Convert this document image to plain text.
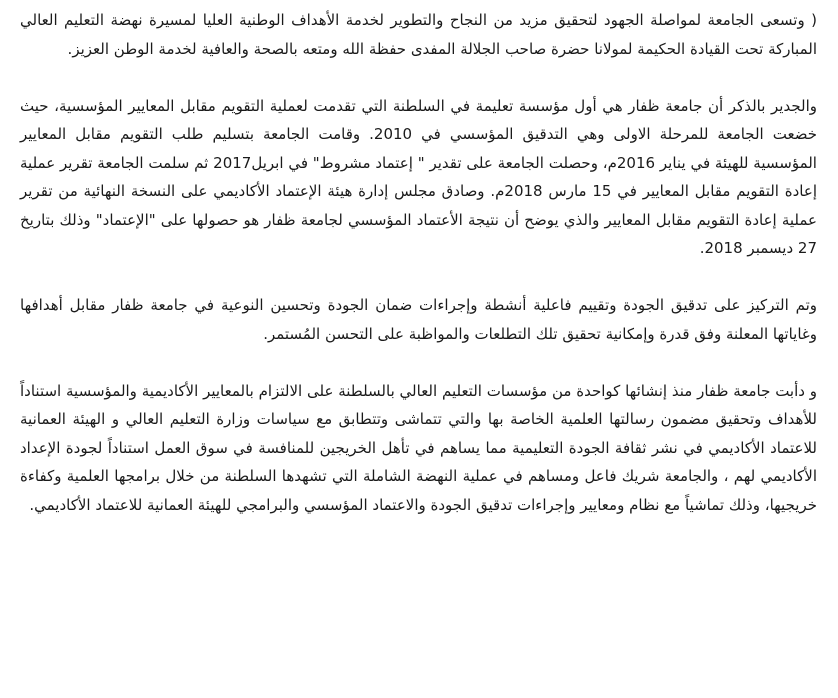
( وتسعى الجامعة لمواصلة الجهود لتحقيق مزيد من النجاح والتطوير لخدمة الأهداف الوطنية العليا لمسيرة نهضة التعليم العالي المباركة تحت القيادة الحكيمة لمولانا حضرة صاحب الجلالة المفدى حفظة الله ومتعه بالصحة والعافية لخدمة الوطن العزيز.

والجدير بالذكر أن جامعة ظفار هي أول مؤسسة تعليمة في السلطنة التي تقدمت لعملية التقويم مقابل المعايير المؤسسية، حيث خضعت الجامعة للمرحلة الاولى وهي التدقيق المؤسسي في 2010. وقامت الجامعة بتسليم طلب التقويم مقابل المعايير المؤسسية للهيئة في يناير 2016م، وحصلت الجامعة على تقدير " إعتماد مشروط" في ابريل2017 ثم سلمت الجامعة تقرير عملية إعادة التقويم مقابل المعايير في 15 مارس 2018م. وصادق مجلس إدارة هيئة الإعتماد الأكاديمي على النسخة النهائية من تقرير عملية إعادة التقويم مقابل المعايير والذي يوضح أن نتيجة الأعتماد المؤسسي لجامعة ظفار هو حصولها على "الإعتماد" وذلك بتاريخ 27 ديسمبر 2018.

وتم التركيز على تدقيق الجودة وتقييم فاعلية أنشطة وإجراءات ضمان الجودة وتحسين النوعية في جامعة ظفار مقابل أهدافها وغاياتها المعلنة وفق قدرة وإمكانية تحقيق تلك التطلعات والمواظبة على التحسن المُستمر.

و دأبت جامعة ظفار منذ إنشائها كواحدة من مؤسسات التعليم العالي بالسلطنة على الالتزام بالمعايير الأكاديمية والمؤسسية استناداً للأهداف وتحقيق مضمون رسالتها العلمية الخاصة بها والتي تتماشى وتتطابق مع سياسات وزارة التعليم العالي و الهيئة العمانية للاعتماد الأكاديمي في نشر ثقافة الجودة التعليمية مما يساهم في تأهل الخريجين للمنافسة في سوق العمل استناداً لجودة الإعداد الأكاديمي لهم ، والجامعة شريك فاعل ومساهم في عملية النهضة الشاملة التي تشهدها السلطنة من خلال برامجها العلمية وكفاءة خريجيها، وذلك تماشياً مع نظام ومعايير وإجراءات تدقيق الجودة والاعتماد المؤسسي والبرامجي للهيئة العمانية للاعتماد الأكاديمي.
